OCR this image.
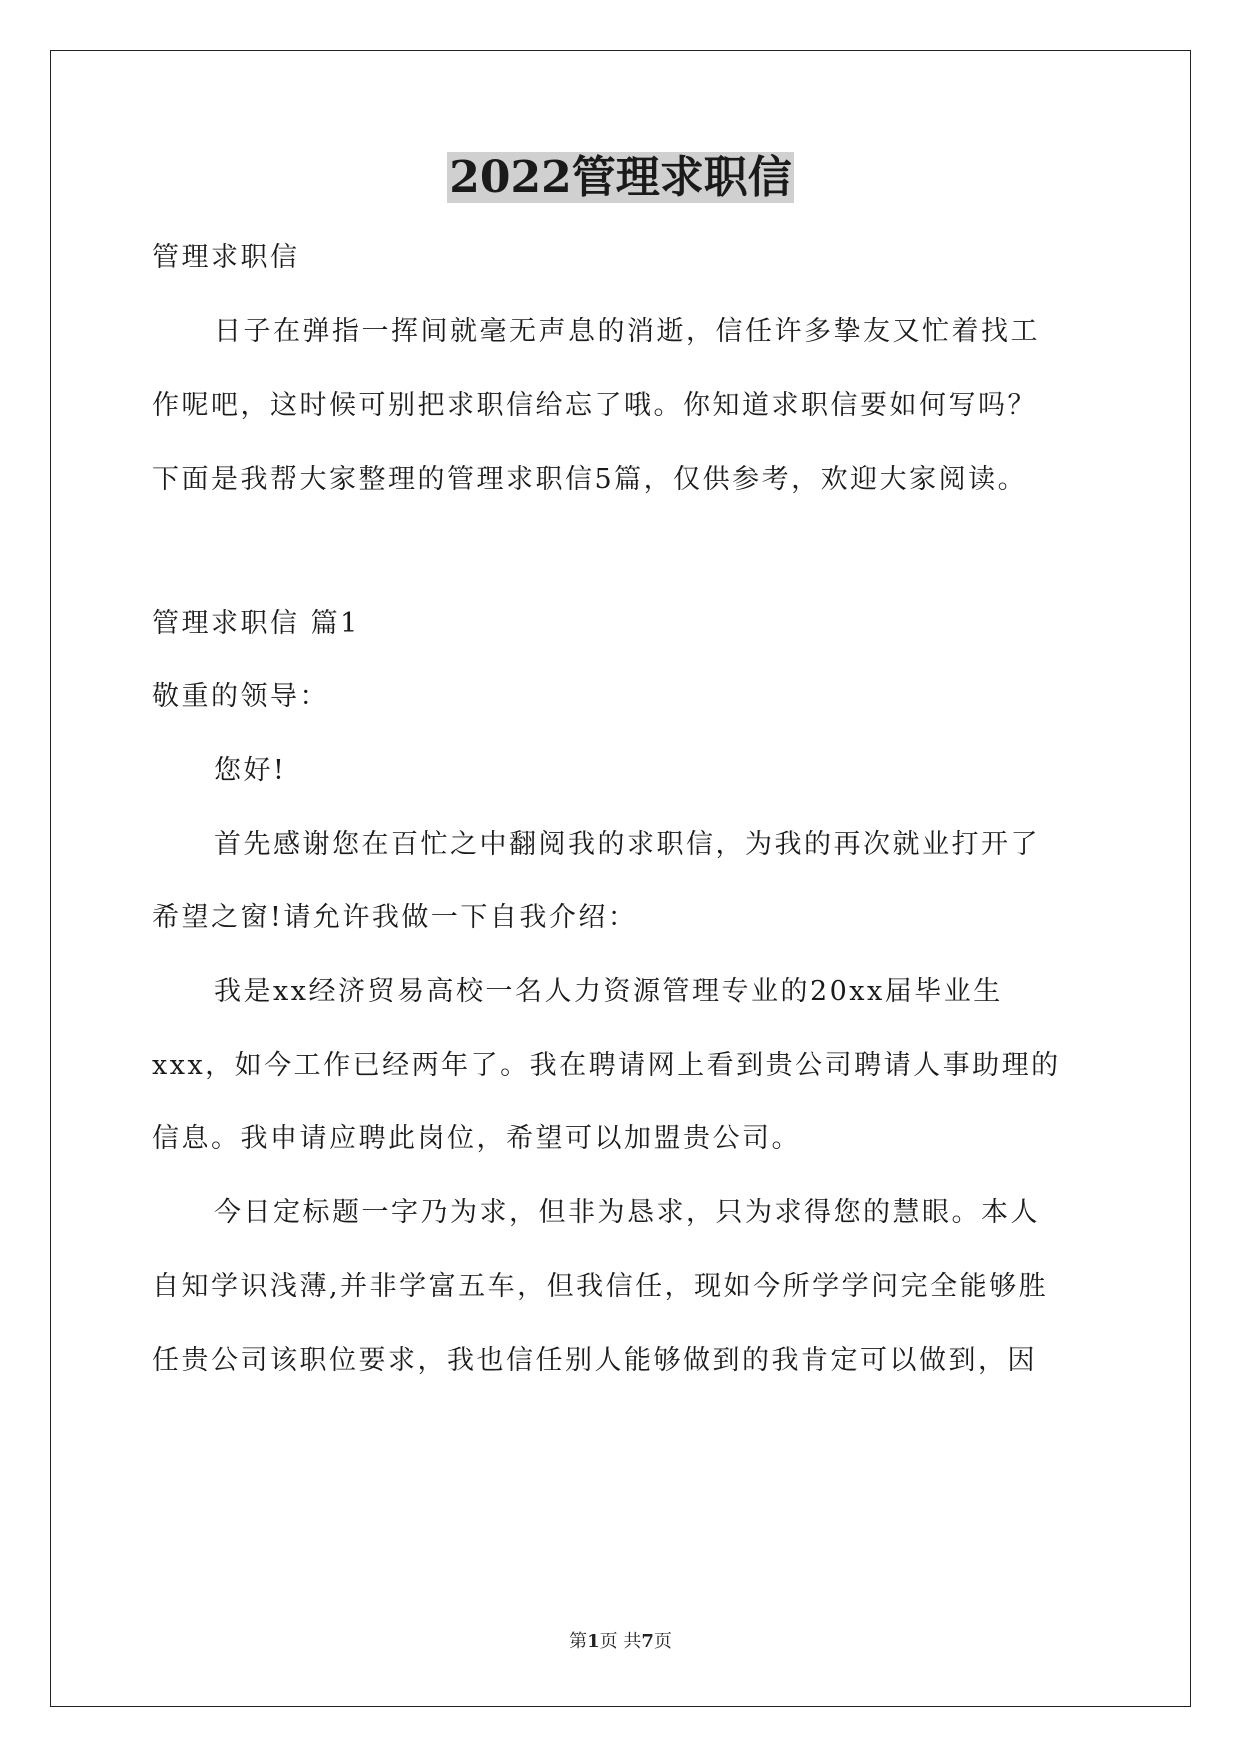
2022管理求职信

管理求职信

日子在弹指一挥间就毫无声息的消逝，信任许多挚友又忙着找工

作呢吧，这时候可别把求职信给忘了哦。你知道求职信要如何写吗？

下面是我帮大家整理的管理求职信5篇，仅供参考，欢迎大家阅读。

管理求职信 篇1

敬重的领导：

您好!

首先感谢您在百忙之中翻阅我的求职信，为我的再次就业打开了

希望之窗!请允许我做一下自我介绍：

我是xx经济贸易高校一名人力资源管理专业的20xx届毕业生

xxx，如今工作已经两年了。我在聘请网上看到贵公司聘请人事助理的

信息。我申请应聘此岗位，希望可以加盟贵公司。

今日定标题一字乃为求，但非为恳求，只为求得您的慧眼。本人

自知学识浅薄,并非学富五车，但我信任，现如今所学学问完全能够胜

任贵公司该职位要求，我也信任别人能够做到的我肯定可以做到，因

第1页 共7页
